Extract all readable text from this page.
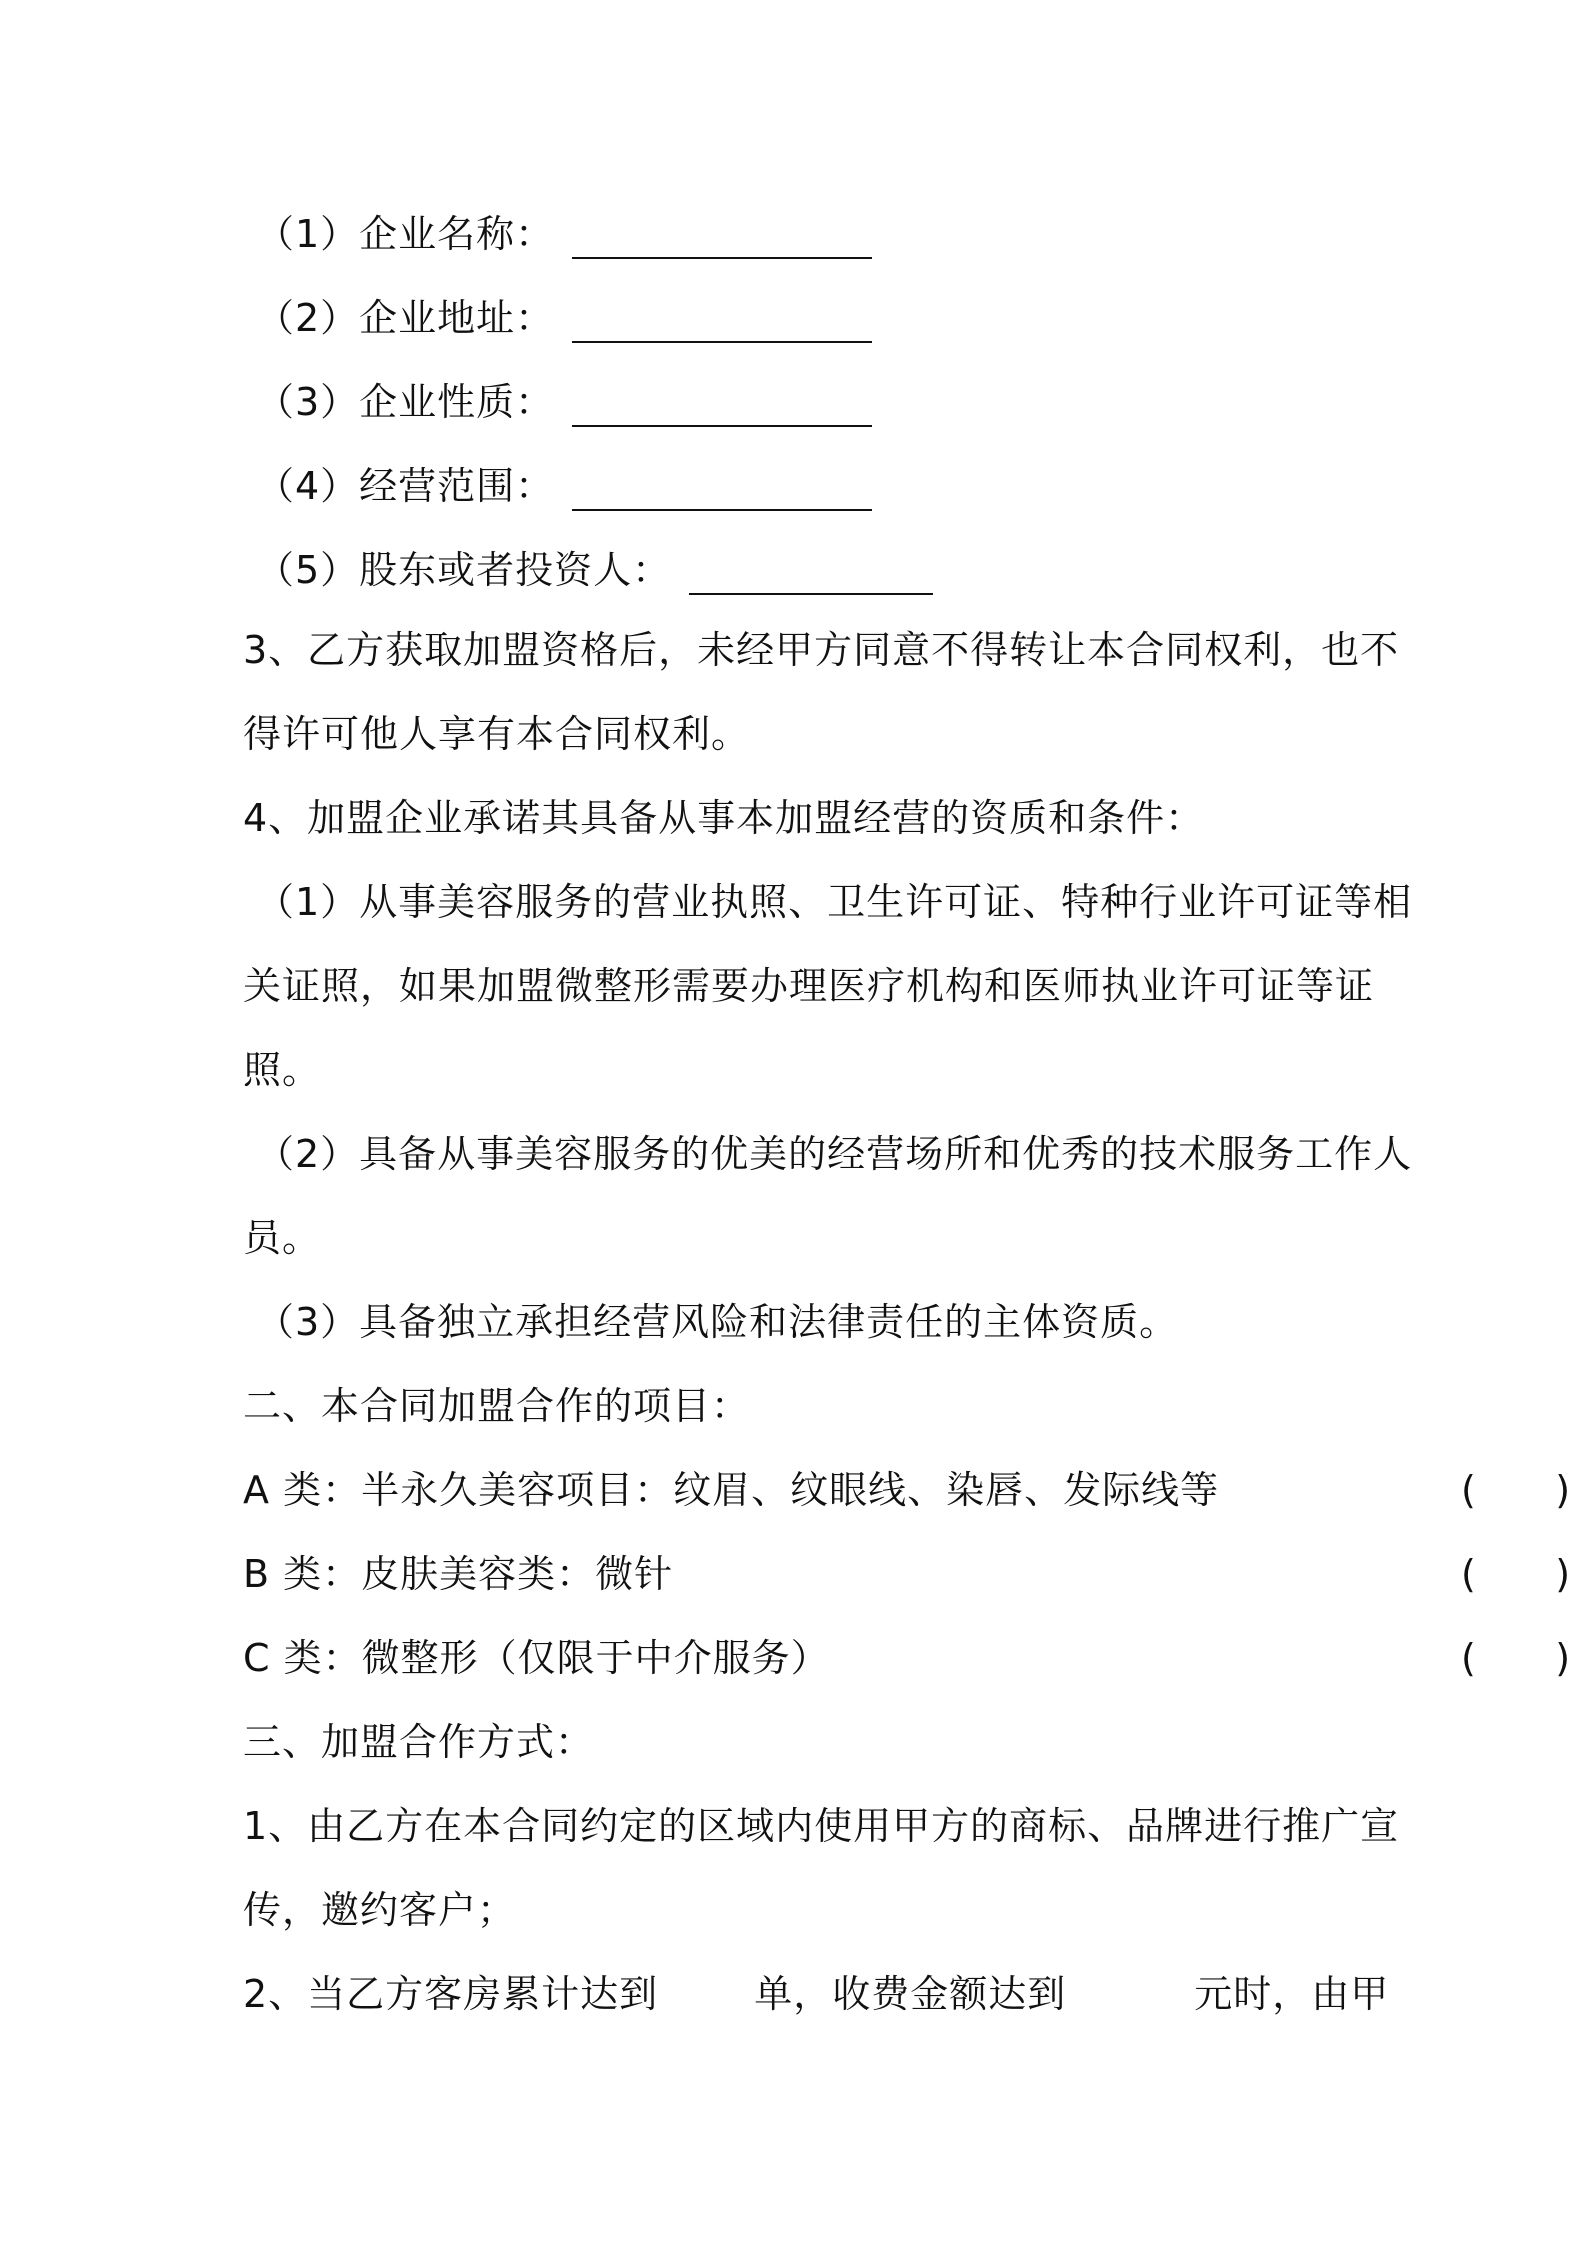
（1）企业名称：
（2）企业地址：
（3）企业性质：
（4）经营范围：
（5）股东或者投资人：
3、乙方获取加盟资格后，未经甲方同意不得转让本合同权利，也不
得许可他人享有本合同权利。
4、加盟企业承诺其具备从事本加盟经营的资质和条件：
（1）从事美容服务的营业执照、卫生许可证、特种行业许可证等相
关证照，如果加盟微整形需要办理医疗机构和医师执业许可证等证
照。
（2）具备从事美容服务的优美的经营场所和优秀的技术服务工作人
员。
（3）具备独立承担经营风险和法律责任的主体资质。
二、本合同加盟合作的项目：
A 类：半永久美容项目：纹眉、纹眼线、染唇、发际线等	(      )
B 类：皮肤美容类：微针	(      )
C 类：微整形（仅限于中介服务）	(      )
三、加盟合作方式：
1、由乙方在本合同约定的区域内使用甲方的商标、品牌进行推广宣
传，邀约客户；
2、当乙方客房累计达到	单，收费金额达到	元时，由甲
